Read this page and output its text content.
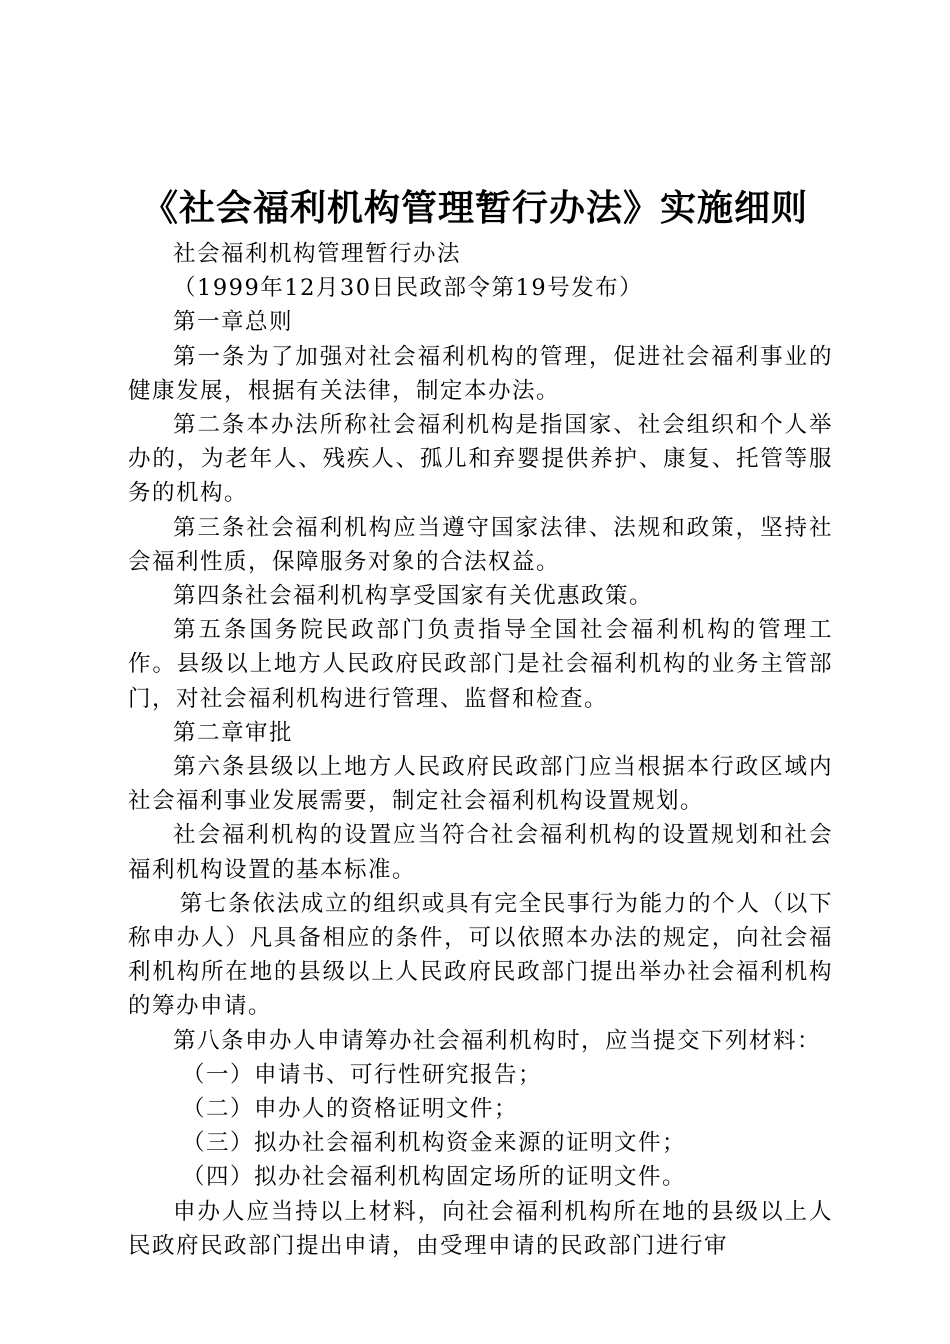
《社会福利机构管理暂行办法》实施细则

社会福利机构管理暂行办法

（1999年12月30日民政部令第19号发布）

第一章总则

第一条为了加强对社会福利机构的管理，促进社会福利事业的健康发展，根据有关法律，制定本办法。

第二条本办法所称社会福利机构是指国家、社会组织和个人举办的，为老年人、残疾人、孤儿和弃婴提供养护、康复、托管等服务的机构。

第三条社会福利机构应当遵守国家法律、法规和政策，坚持社会福利性质，保障服务对象的合法权益。

第四条社会福利机构享受国家有关优惠政策。

第五条国务院民政部门负责指导全国社会福利机构的管理工作。县级以上地方人民政府民政部门是社会福利机构的业务主管部门，对社会福利机构进行管理、监督和检查。

第二章审批

第六条县级以上地方人民政府民政部门应当根据本行政区域内社会福利事业发展需要，制定社会福利机构设置规划。

社会福利机构的设置应当符合社会福利机构的设置规划和社会福利机构设置的基本标准。

第七条依法成立的组织或具有完全民事行为能力的个人（以下称申办人）凡具备相应的条件，可以依照本办法的规定，向社会福利机构所在地的县级以上人民政府民政部门提出举办社会福利机构的筹办申请。

第八条申办人申请筹办社会福利机构时，应当提交下列材料：

（一）申请书、可行性研究报告；

（二）申办人的资格证明文件；

（三）拟办社会福利机构资金来源的证明文件；

（四）拟办社会福利机构固定场所的证明文件。

申办人应当持以上材料，向社会福利机构所在地的县级以上人民政府民政部门提出申请，由受理申请的民政部门进行审
